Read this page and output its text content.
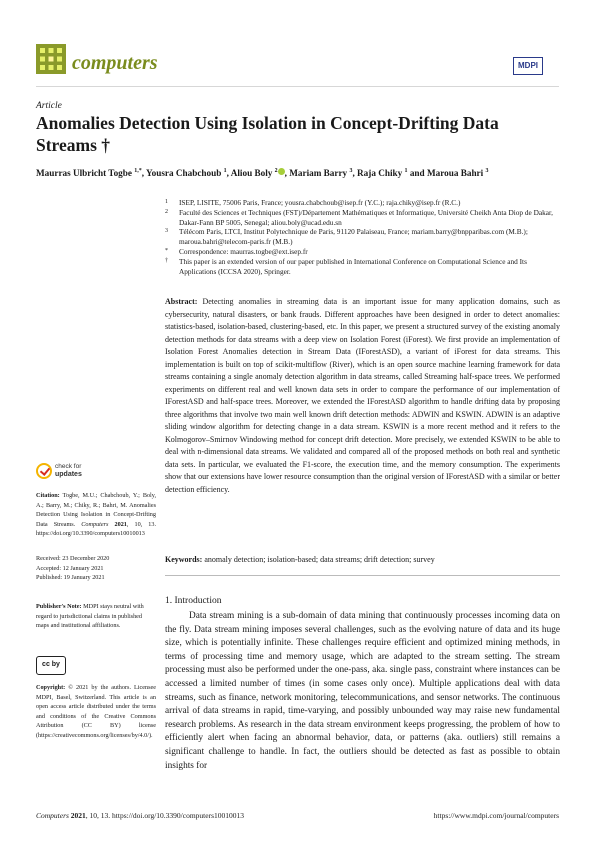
computers	MDPI
Article
Anomalies Detection Using Isolation in Concept-Drifting Data Streams †
Maurras Ulbricht Togbe $^{1,*}$, Yousra Chabchoub $^1$, Aliou Boly $^2$ , Mariam Barry $^3$, Raja Chiky $^1$ and Maroua Bahri $^3$
1	ISEP, LISITE, 75006 Paris, France; yousra.chabchoub@isep.fr (Y.C.); raja.chiky@isep.fr (R.C.)
2	Faculté des Sciences et Techniques (FST)/Département Mathématiques et Informatique, Université Cheikh Anta Diop de Dakar, Dakar-Fann BP 5005, Senegal; aliou.boly@ucad.edu.sn
3	Télécom Paris, LTCI, Institut Polytechnique de Paris, 91120 Palaiseau, France; mariam.barry@bnpparibas.com (M.B.); maroua.bahri@telecom-paris.fr (M.B.)
*	Correspondence: maurras.togbe@ext.isep.fr
†	This paper is an extended version of our paper published in International Conference on Computational Science and Its Applications (ICCSA 2020), Springer.
Abstract: Detecting anomalies in streaming data is an important issue for many application domains, such as cybersecurity, natural disasters, or bank frauds. Different approaches have been designed in order to detect anomalies: statistics-based, isolation-based, clustering-based, etc. In this paper, we present a structured survey of the existing anomaly detection methods for data streams with a deep view on Isolation Forest (iForest). We first provide an implementation of Isolation Forest Anomalies detection in Stream Data (IForestASD), a variant of iForest for data streams. This implementation is built on top of scikit-multiflow (River), which is an open source machine learning framework for data streams containing a single anomaly detection algorithm in data streams, called Streaming half-space trees. We performed experiments on different real and well known data sets in order to compare the performance of our implementation of IForestASD and half-space trees. Moreover, we extended the IForestASD algorithm to handle drifting data by proposing three algorithms that involve two main well known drift detection methods: ADWIN and KSWIN. ADWIN is an adaptive sliding window algorithm for detecting change in a data stream. KSWIN is a more recent method and it refers to the Kolmogorov–Smirnov Windowing method for concept drift detection. More precisely, we extended KSWIN to be able to deal with n-dimensional data streams. We validated and compared all of the proposed methods on both real and synthetic data sets. In particular, we evaluated the F1-score, the execution time, and the memory consumption. The experiments show that our extensions have lower resource consumption than the original version of IForestASD with a similar or better detection efficiency.
Keywords: anomaly detection; isolation-based; data streams; drift detection; survey
check for
updates
Citation: Togbe, M.U.; Chabchoub, Y.; Boly, A.; Barry, M.; Chiky, R.; Bahri, M. Anomalies Detection Using Isolation in Concept-Drifting Data Streams. Computers 2021, 10, 13. https://doi.org/10.3390/computers10010013
Received: 23 December 2020
Accepted: 12 January 2021
Published: 19 January 2021
Publisher's Note: MDPI stays neutral with regard to jurisdictional claims in published maps and institutional affiliations.
cc by
Copyright: © 2021 by the authors. Licensee MDPI, Basel, Switzerland. This article is an open access article distributed under the terms and conditions of the Creative Commons Attribution (CC BY) license (https://creativecommons.org/licenses/by/4.0/).
1. Introduction
Data stream mining is a sub-domain of data mining that continuously processes incoming data on the fly. Data stream mining imposes several challenges, such as the evolving nature of data and its huge size, which is potentially infinite. These challenges require efficient and optimized mining methods, in terms of processing time and memory usage, which are adapted to the stream setting. The stream processing must also be performed under the one-pass, aka. single pass, constraint where instances can be accessed a limited number of times (in some cases only once). Multiple applications deal with data streams, such as finance, network monitoring, telecommunications, and sensor networks. The continuous arrival of data streams in rapid, time-varying, and possibly unbounded way may raise new fundamental research problems. As research in the data stream environment keeps progressing, the problem of how to efficiently alert when facing an abnormal behavior, data, or patterns (aka. outliers) still remains a significant challenge to handle. In fact, the outliers should be detected as fast as possible to obtain insights for
Computers 2021, 10, 13. https://doi.org/10.3390/computers10010013	https://www.mdpi.com/journal/computers
